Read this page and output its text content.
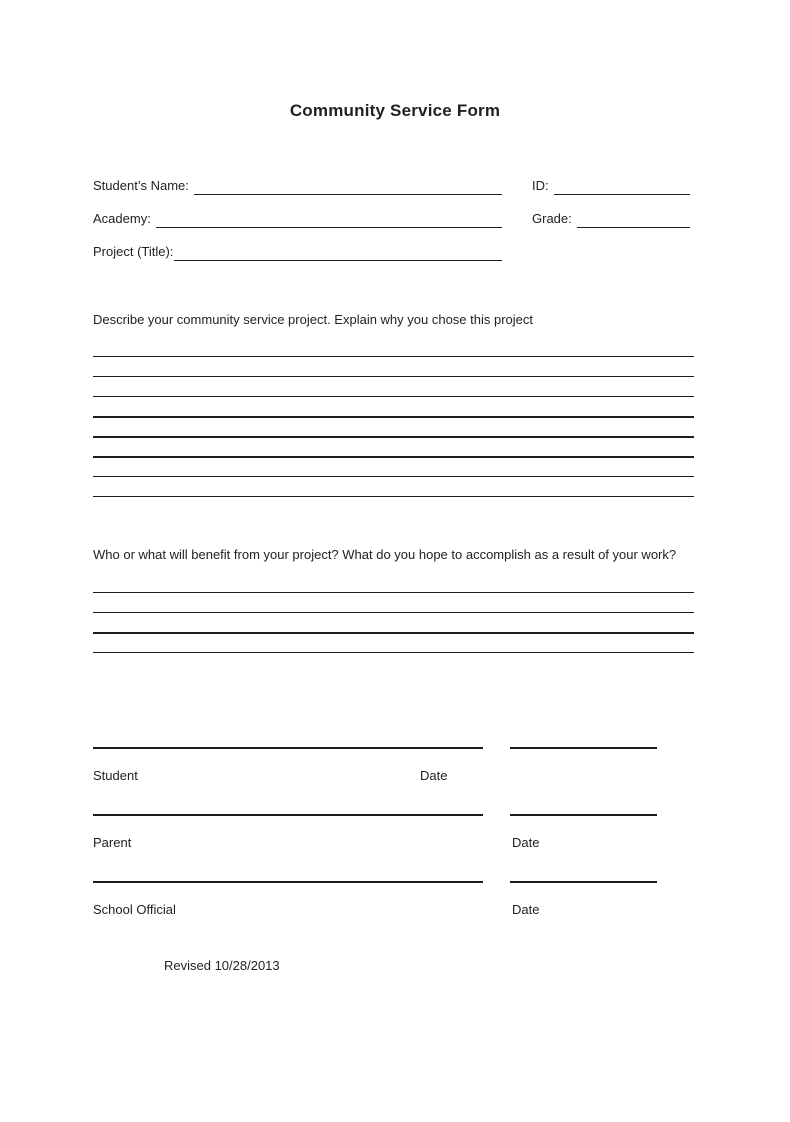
Community Service Form
Student’s Name:	ID:
Academy:	Grade:
Project (Title):
Describe your community service project. Explain why you chose this project
Who or what will benefit from your project? What do you hope to accomplish as a result of your work?
Student	Date
Parent	Date
School Official	Date
Revised 10/28/2013
